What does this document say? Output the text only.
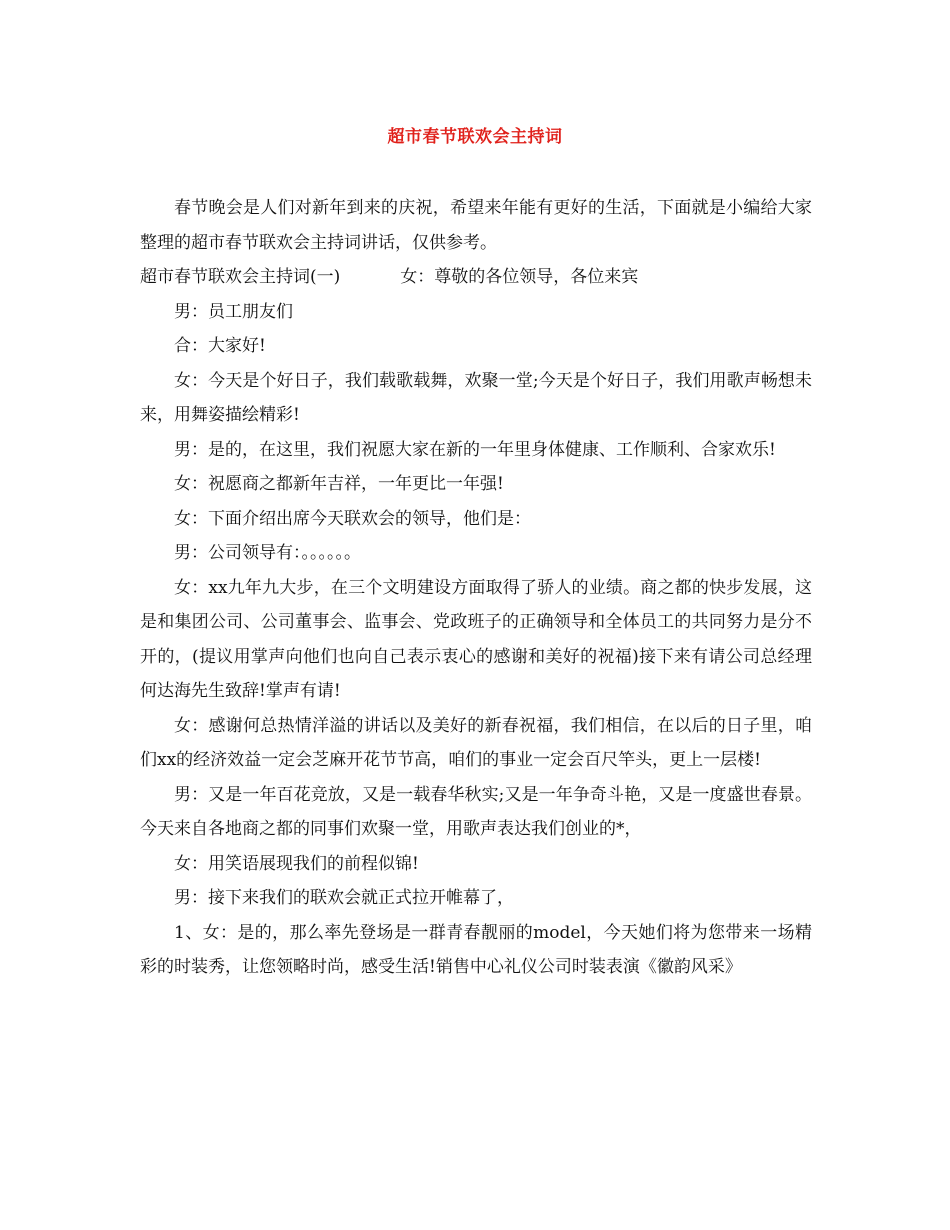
超市春节联欢会主持词

春节晚会是人们对新年到来的庆祝，希望来年能有更好的生活，下面就是小编给大家整理的超市春节联欢会主持词讲话，仅供参考。

超市春节联欢会主持词(一)	女：尊敬的各位领导，各位来宾

男：员工朋友们

合：大家好!

女：今天是个好日子，我们载歌载舞，欢聚一堂;今天是个好日子，我们用歌声畅想未来，用舞姿描绘精彩!

男：是的，在这里，我们祝愿大家在新的一年里身体健康、工作顺利、合家欢乐!

女：祝愿商之都新年吉祥，一年更比一年强!

女：下面介绍出席今天联欢会的领导，他们是：

男：公司领导有：。。。。。。

女：xx九年九大步，在三个文明建设方面取得了骄人的业绩。商之都的快步发展，这是和集团公司、公司董事会、监事会、党政班子的正确领导和全体员工的共同努力是分不开的，(提议用掌声向他们也向自己表示衷心的感谢和美好的祝福)接下来有请公司总经理何达海先生致辞!掌声有请!

女：感谢何总热情洋溢的讲话以及美好的新春祝福，我们相信，在以后的日子里，咱们xx的经济效益一定会芝麻开花节节高，咱们的事业一定会百尺竿头，更上一层楼!

男：又是一年百花竞放，又是一载春华秋实;又是一年争奇斗艳，又是一度盛世春景。今天来自各地商之都的同事们欢聚一堂，用歌声表达我们创业的*，

女：用笑语展现我们的前程似锦!

男：接下来我们的联欢会就正式拉开帷幕了，

1、女：是的，那么率先登场是一群青春靓丽的model，今天她们将为您带来一场精彩的时装秀，让您领略时尚，感受生活!销售中心礼仪公司时装表演《徽韵风采》
